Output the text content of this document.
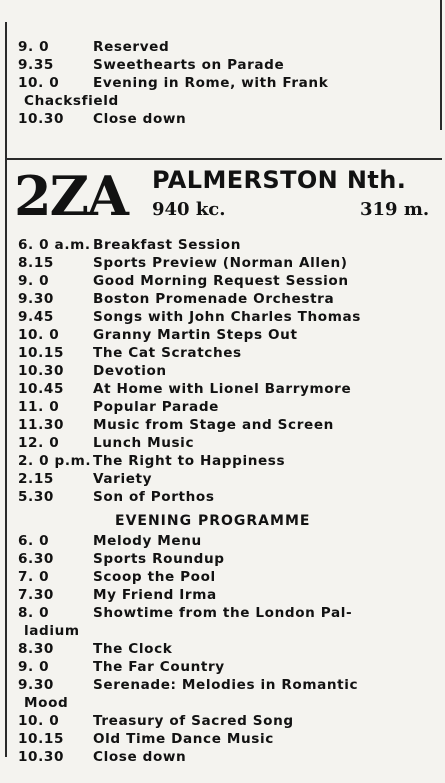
9. 0	Reserved
9.35	Sweethearts on Parade
10. 0 Evening in Rome, with Frank
Chacksfield
10.30 Close down
2ZA PALMERSTON Nth.
940 kc.	319 m.
6. 0 a.m. Breakfast Session
8.15	Sports Preview (Norman Allen)
9. 0	Good Morning Request Session
9.30	Boston Promenade Orchestra
9.45	Songs with John Charles Thomas
10. 0 Granny Martin Steps Out
10.15 The Cat Scratches
10.30 Devotion
10.45 At Home with Lionel Barrymore
11. 0 Popular Parade
11.30 Music from Stage and Screen
12. 0 Lunch Music
2. 0 p.m. The Right to Happiness
2.15	Variety
5.30	Son of Porthos
EVENING PROGRAMME
6. 0	Melody Menu
6.30	Sports Roundup
7. 0	Scoop the Pool
7.30	My Friend Irma
8. 0	Showtime from the London Pal-
ladium
8.30	The Clock
9. 0	The Far Country
9.30	Serenade: Melodies in Romantic
Mood
10. 0 Treasury of Sacred Song
10.15 Old Time Dance Music
10.30 Close down
